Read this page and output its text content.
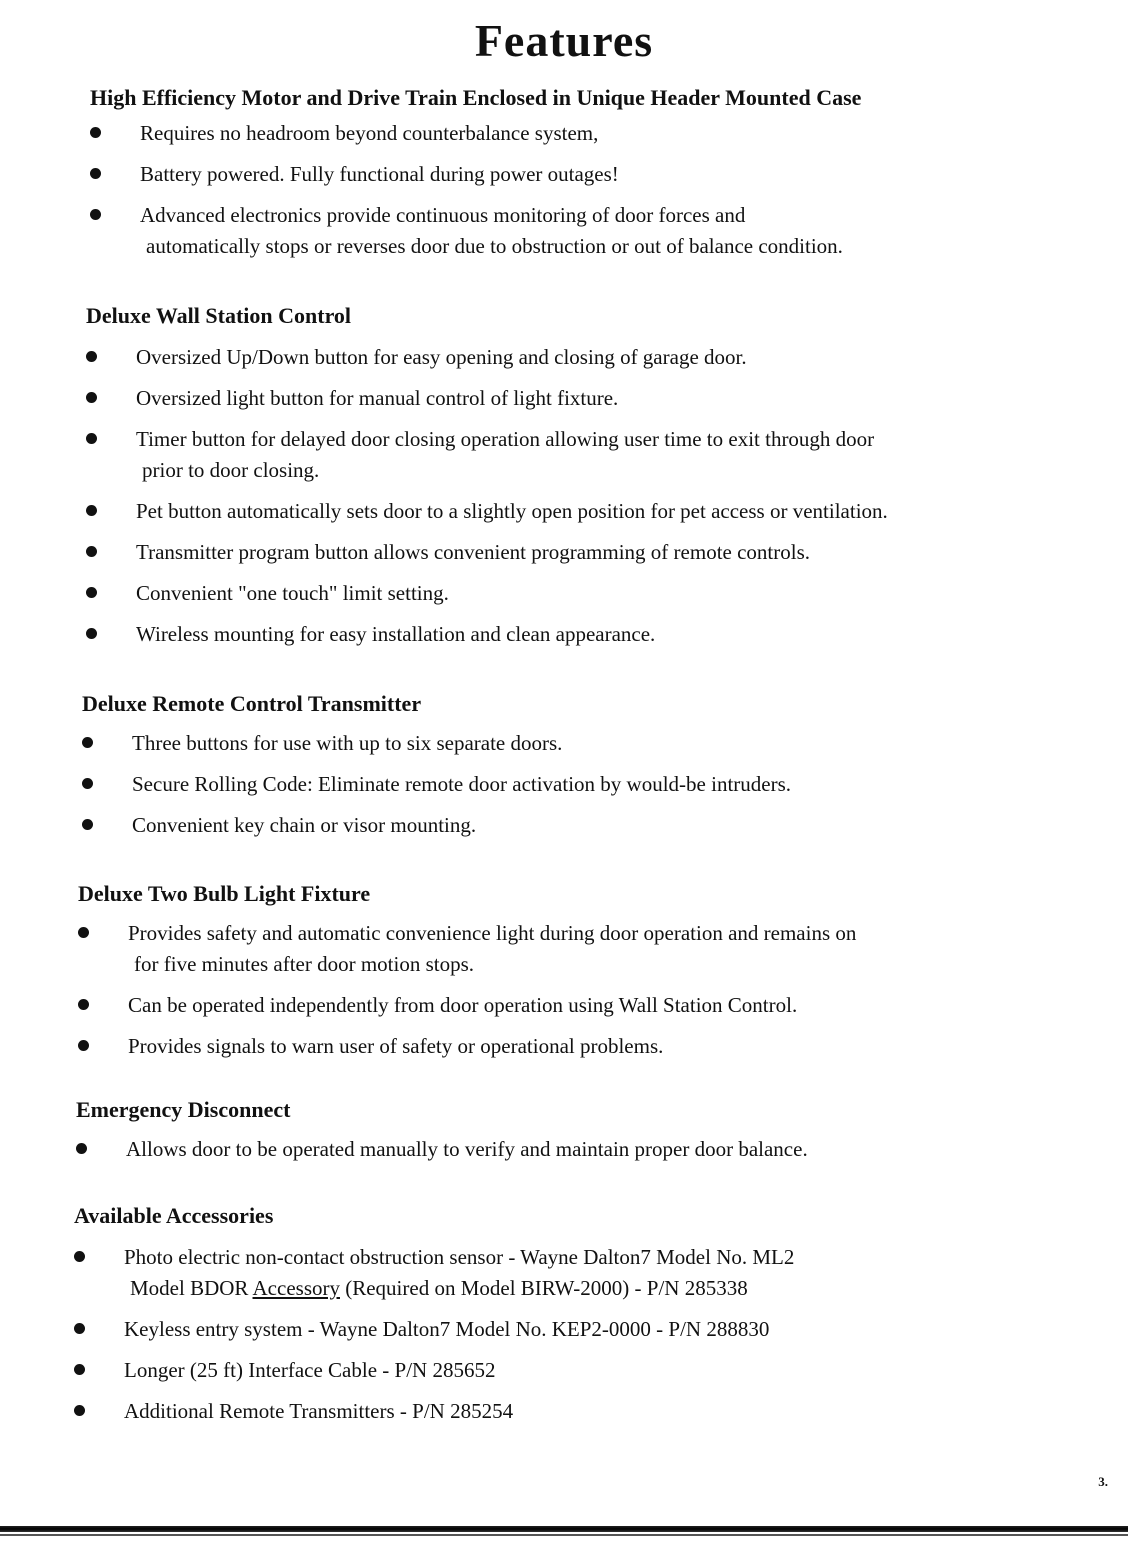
Features
High Efficiency Motor and Drive Train Enclosed in Unique Header Mounted Case
Requires no headroom beyond counterbalance system,
Battery powered. Fully functional during power outages!
Advanced electronics provide continuous monitoring of door forces and
automatically stops or reverses door due to obstruction or out of balance condition.
Deluxe Wall Station Control
Oversized Up/Down button for easy opening and closing of garage door.
Oversized light button for manual control of light fixture.
Timer button for delayed door closing operation allowing user time to exit through door
prior to door closing.
Pet button automatically sets door to a slightly open position for pet access or ventilation.
Transmitter program button allows convenient programming of remote controls.
Convenient "one touch" limit setting.
Wireless mounting for easy installation and clean appearance.
Deluxe Remote Control Transmitter
Three buttons for use with up to six separate doors.
Secure Rolling Code: Eliminate remote door activation by would-be intruders.
Convenient key chain or visor mounting.
Deluxe Two Bulb Light Fixture
Provides safety and automatic convenience light during door operation and remains on
for five minutes after door motion stops.
Can be operated independently from door operation using Wall Station Control.
Provides signals to warn user of safety or operational problems.
Emergency Disconnect
Allows door to be operated manually to verify and maintain proper door balance.
Available Accessories
Photo electric non-contact obstruction sensor - Wayne Dalton7 Model No. ML2
Model BDOR Accessory (Required on Model BIRW-2000) - P/N 285338
Keyless entry system - Wayne Dalton7 Model No. KEP2-0000 - P/N 288830
Longer (25 ft) Interface Cable - P/N 285652
Additional Remote Transmitters - P/N 285254
3.
